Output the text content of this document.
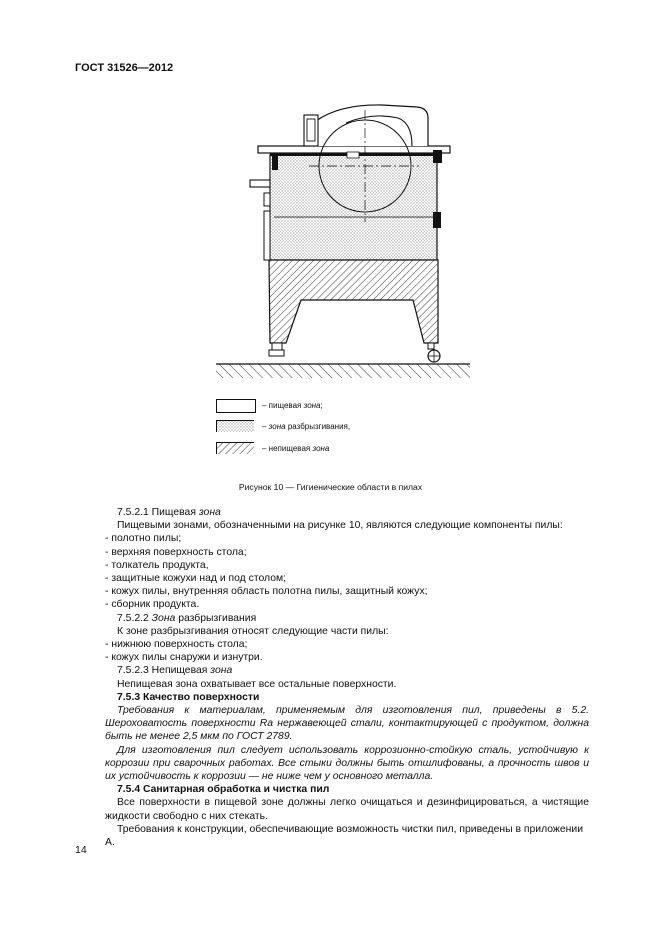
ГОСТ 31526—2012
– пищевая зона;
– зона разбрызгивания,
– непищевая зона
Рисунок 10 — Гигиенические области в пилах

7.5.2.1 Пищевая зона

Пищевыми зонами, обозначенными на рисунке 10, являются следующие компоненты пилы:

- полотно пилы;

- верхняя поверхность стола;

- толкатель продукта,

- защитные кожухи над и под столом;

- кожух пилы, внутренняя область полотна пилы, защитный кожух;

- сборник продукта.

7.5.2.2 Зона разбрызгивания

К зоне разбрызгивания относят следующие части пилы:

- нижнюю поверхность стола;

- кожух пилы снаружи и изнутри.

7.5.2.3 Непищевая зона

Непищевая зона охватывает все остальные поверхности.

7.5.3 Качество поверхности

Требования к материалам, применяемым для изготовления пил, приведены в 5.2. Шероховатость поверхности Ra нержавеющей стали, контактирующей с продуктом, должна быть не менее 2,5 мкм по ГОСТ 2789.

Для изготовления пил следует использовать коррозионно-стойкую сталь, устойчивую к коррозии при сварочных работах. Все стыки должны быть отшлифованы, а прочность швов и их устойчивость к коррозии — не ниже чем у основного металла.

7.5.4 Санитарная обработка и чистка пил

Все поверхности в пищевой зоне должны легко очищаться и дезинфицироваться, а чистящие жидкости свободно с них стекать.

Требования к конструкции, обеспечивающие возможность чистки пил, приведены в приложении А.

14
